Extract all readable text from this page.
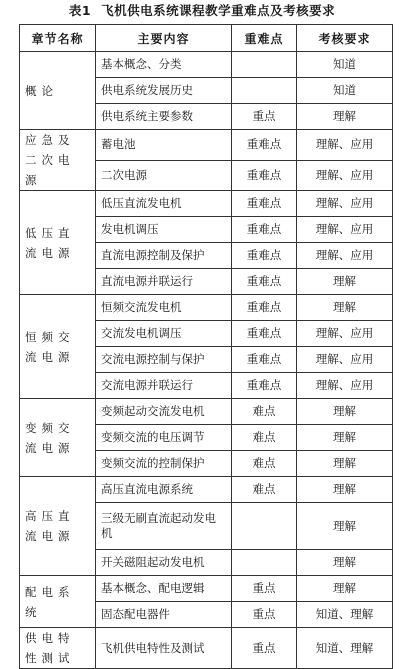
表1 飞机供电系统课程教学重难点及考核要求
章节名称	主要内容	重难点	考核要求
概论	基本概念、分类		知道
	供电系统发展历史		知道
	供电系统主要参数	重点	理解
应急及二次电源	蓄电池	重难点	理解、应用
	二次电源	重难点	理解、应用
低压直流电源	低压直流发电机	重难点	理解、应用
	发电机调压	重难点	理解、应用
	直流电源控制及保护	重难点	理解、应用
	直流电源并联运行	重难点	理解
恒频交流电源	恒频交流发电机	重难点	理解
	交流发电机调压	重难点	理解、应用
	交流电源控制与保护	重难点	理解、应用
	交流电源并联运行	重难点	理解、应用
变频交流电源	变频起动交流发电机	难点	理解
	变频交流的电压调节	难点	理解
	变频交流的控制保护	难点	理解
高压直流电源	高压直流电源系统	难点	理解
	三级无刷直流起动发电机		理解
	开关磁阻起动发电机		理解
配电系统	基本概念、配电逻辑	重点	理解
	固态配电器件	重点	知道、理解
供电特性测试	飞机供电特性及测试	重点	知道、理解
